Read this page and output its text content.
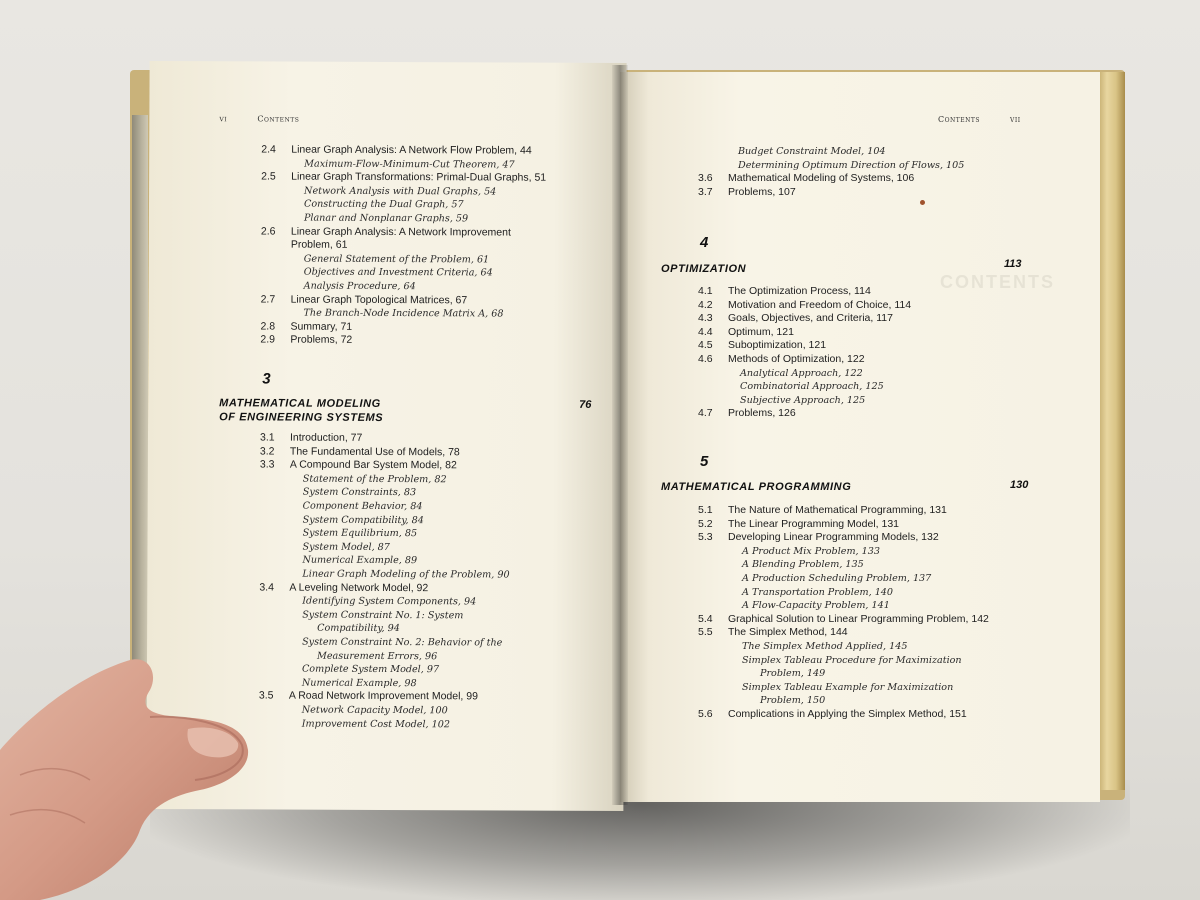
vi	Contents
2.4 Linear Graph Analysis: A Network Flow Problem, 44
Maximum-Flow-Minimum-Cut Theorem, 47
2.5 Linear Graph Transformations: Primal-Dual Graphs, 51
Network Analysis with Dual Graphs, 54
Constructing the Dual Graph, 57
Planar and Nonplanar Graphs, 59
2.6 Linear Graph Analysis: A Network Improvement
Problem, 61
General Statement of the Problem, 61
Objectives and Investment Criteria, 64
Analysis Procedure, 64
2.7 Linear Graph Topological Matrices, 67
The Branch-Node Incidence Matrix A, 68
2.8 Summary, 71
2.9 Problems, 72
3
MATHEMATICAL MODELING
OF ENGINEERING SYSTEMS
76
3.1 Introduction, 77
3.2 The Fundamental Use of Models, 78
3.3 A Compound Bar System Model, 82
Statement of the Problem, 82
System Constraints, 83
Component Behavior, 84
System Compatibility, 84
System Equilibrium, 85
System Model, 87
Numerical Example, 89
Linear Graph Modeling of the Problem, 90
3.4 A Leveling Network Model, 92
Identifying System Components, 94
System Constraint No. 1: System
Compatibility, 94
System Constraint No. 2: Behavior of the
Measurement Errors, 96
Complete System Model, 97
Numerical Example, 98
3.5 A Road Network Improvement Model, 99
Network Capacity Model, 100
Improvement Cost Model, 102
Contents	vii
CONTENTS
Budget Constraint Model, 104
Determining Optimum Direction of Flows, 105
3.6 Mathematical Modeling of Systems, 106
3.7 Problems, 107
4
OPTIMIZATION	113
4.1 The Optimization Process, 114
4.2 Motivation and Freedom of Choice, 114
4.3 Goals, Objectives, and Criteria, 117
4.4 Optimum, 121
4.5 Suboptimization, 121
4.6 Methods of Optimization, 122
Analytical Approach, 122
Combinatorial Approach, 125
Subjective Approach, 125
4.7 Problems, 126
5
MATHEMATICAL PROGRAMMING	130
5.1 The Nature of Mathematical Programming, 131
5.2 The Linear Programming Model, 131
5.3 Developing Linear Programming Models, 132
A Product Mix Problem, 133
A Blending Problem, 135
A Production Scheduling Problem, 137
A Transportation Problem, 140
A Flow-Capacity Problem, 141
5.4 Graphical Solution to Linear Programming Problem, 142
5.5 The Simplex Method, 144
The Simplex Method Applied, 145
Simplex Tableau Procedure for Maximization
Problem, 149
Simplex Tableau Example for Maximization
Problem, 150
5.6 Complications in Applying the Simplex Method, 151
